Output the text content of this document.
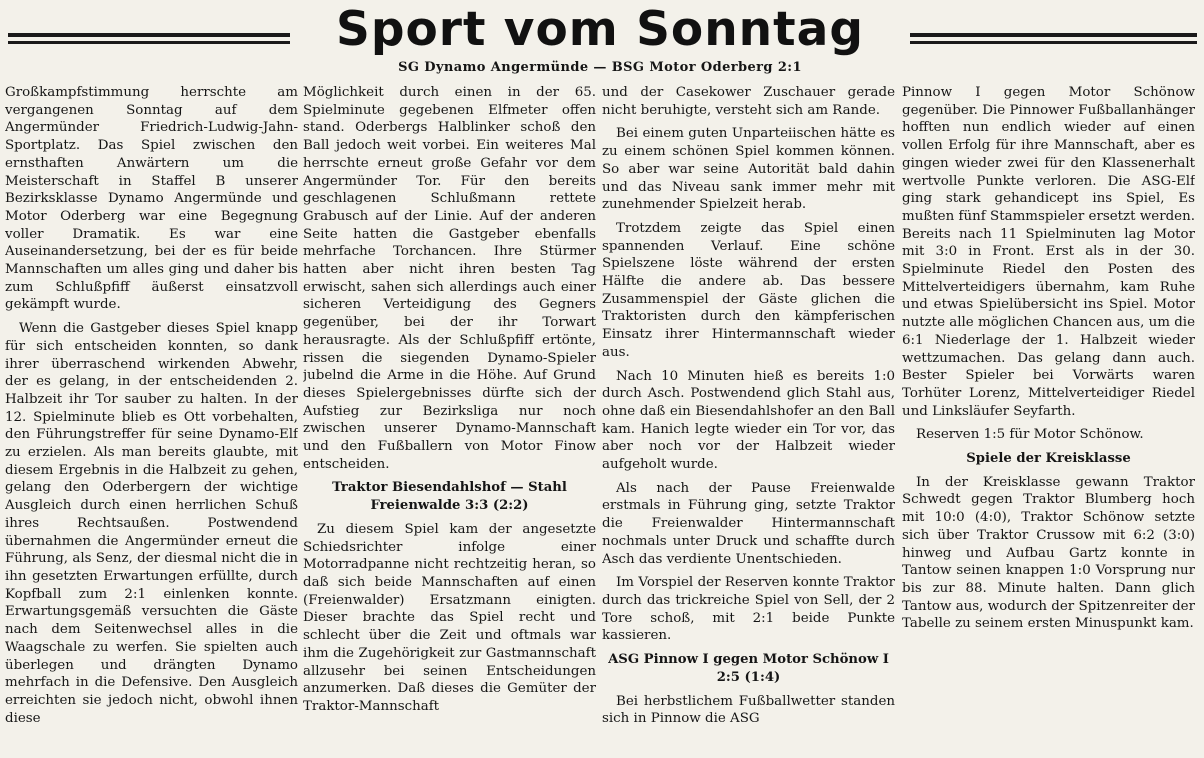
Sport vom Sonntag
SG Dynamo Angermünde — BSG Motor Oderberg 2:1

Großkampfstimmung herrschte am vergangenen Sonntag auf dem Angermünder Friedrich-Ludwig-Jahn-Sportplatz. Das Spiel zwischen den ernsthaften Anwärtern um die Meisterschaft in Staffel B unserer Bezirksklasse Dynamo Angermünde und Motor Oderberg war eine Begegnung voller Dramatik. Es war eine Auseinandersetzung, bei der es für beide Mannschaften um alles ging und daher bis zum Schlußpfiff äußerst einsatzvoll gekämpft wurde.

Wenn die Gastgeber dieses Spiel knapp für sich entscheiden konnten, so dank ihrer überraschend wirkenden Abwehr, der es gelang, in der entscheidenden 2. Halbzeit ihr Tor sauber zu halten. In der 12. Spielminute blieb es Ott vorbehalten, den Führungstreffer für seine Dynamo-Elf zu erzielen. Als man bereits glaubte, mit diesem Ergebnis in die Halbzeit zu gehen, gelang den Oderbergern der wichtige Ausgleich durch einen herrlichen Schuß ihres Rechtsaußen. Postwendend übernahmen die Angermünder erneut die Führung, als Senz, der diesmal nicht die in ihn gesetzten Erwartungen erfüllte, durch Kopfball zum 2:1 einlenken konnte. Erwartungsgemäß versuchten die Gäste nach dem Seitenwechsel alles in die Waagschale zu werfen. Sie spielten auch überlegen und drängten Dynamo mehrfach in die Defensive. Den Ausgleich erreichten sie jedoch nicht, obwohl ihnen diese

Möglichkeit durch einen in der 65. Spielminute gegebenen Elfmeter offen stand. Oderbergs Halblinker schoß den Ball jedoch weit vorbei. Ein weiteres Mal herrschte erneut große Gefahr vor dem Angermünder Tor. Für den bereits geschlagenen Schlußmann rettete Grabusch auf der Linie. Auf der anderen Seite hatten die Gastgeber ebenfalls mehrfache Torchancen. Ihre Stürmer hatten aber nicht ihren besten Tag erwischt, sahen sich allerdings auch einer sicheren Verteidigung des Gegners gegenüber, bei der ihr Torwart herausragte. Als der Schlußpfiff ertönte, rissen die siegenden Dynamo-Spieler jubelnd die Arme in die Höhe. Auf Grund dieses Spielergebnisses dürfte sich der Aufstieg zur Bezirksliga nur noch zwischen unserer Dynamo-Mannschaft und den Fußballern von Motor Finow entscheiden.

Traktor Biesendahlshof — Stahl Freienwalde 3:3 (2:2)

Zu diesem Spiel kam der angesetzte Schiedsrichter infolge einer Motorradpanne nicht rechtzeitig heran, so daß sich beide Mannschaften auf einen (Freienwalder) Ersatzmann einigten. Dieser brachte das Spiel recht und schlecht über die Zeit und oftmals war ihm die Zugehörigkeit zur Gastmannschaft allzusehr bei seinen Entscheidungen anzumerken. Daß dieses die Gemüter der Traktor-Mannschaft

und der Casekower Zuschauer gerade nicht beruhigte, versteht sich am Rande.

Bei einem guten Unparteiischen hätte es zu einem schönen Spiel kommen können. So aber war seine Autorität bald dahin und das Niveau sank immer mehr mit zunehmender Spielzeit herab.

Trotzdem zeigte das Spiel einen spannenden Verlauf. Eine schöne Spielszene löste während der ersten Hälfte die andere ab. Das bessere Zusammenspiel der Gäste glichen die Traktoristen durch den kämpferischen Einsatz ihrer Hintermannschaft wieder aus.

Nach 10 Minuten hieß es bereits 1:0 durch Asch. Postwendend glich Stahl aus, ohne daß ein Biesendahlshofer an den Ball kam. Hanich legte wieder ein Tor vor, das aber noch vor der Halbzeit wieder aufgeholt wurde.

Als nach der Pause Freienwalde erstmals in Führung ging, setzte Traktor die Freienwalder Hintermannschaft nochmals unter Druck und schaffte durch Asch das verdiente Unentschieden.

Im Vorspiel der Reserven konnte Traktor durch das trickreiche Spiel von Sell, der 2 Tore schoß, mit 2:1 beide Punkte kassieren.

ASG Pinnow I gegen Motor Schönow I 2:5 (1:4)

Bei herbstlichem Fußballwetter standen sich in Pinnow die ASG

Pinnow I gegen Motor Schönow gegenüber. Die Pinnower Fußballanhänger hofften nun endlich wieder auf einen vollen Erfolg für ihre Mannschaft, aber es gingen wieder zwei für den Klassenerhalt wertvolle Punkte verloren. Die ASG-Elf ging stark gehandicept ins Spiel, Es mußten fünf Stammspieler ersetzt werden. Bereits nach 11 Spielminuten lag Motor mit 3:0 in Front. Erst als in der 30. Spielminute Riedel den Posten des Mittelverteidigers übernahm, kam Ruhe und etwas Spielübersicht ins Spiel. Motor nutzte alle möglichen Chancen aus, um die 6:1 Niederlage der 1. Halbzeit wieder wettzumachen. Das gelang dann auch. Bester Spieler bei Vorwärts waren Torhüter Lorenz, Mittelverteidiger Riedel und Linksläufer Seyfarth.

Reserven 1:5 für Motor Schönow.

Spiele der Kreisklasse

In der Kreisklasse gewann Traktor Schwedt gegen Traktor Blumberg hoch mit 10:0 (4:0), Traktor Schönow setzte sich über Traktor Crussow mit 6:2 (3:0) hinweg und Aufbau Gartz konnte in Tantow seinen knappen 1:0 Vorsprung nur bis zur 88. Minute halten. Dann glich Tantow aus, wodurch der Spitzenreiter der Tabelle zu seinem ersten Minuspunkt kam.
